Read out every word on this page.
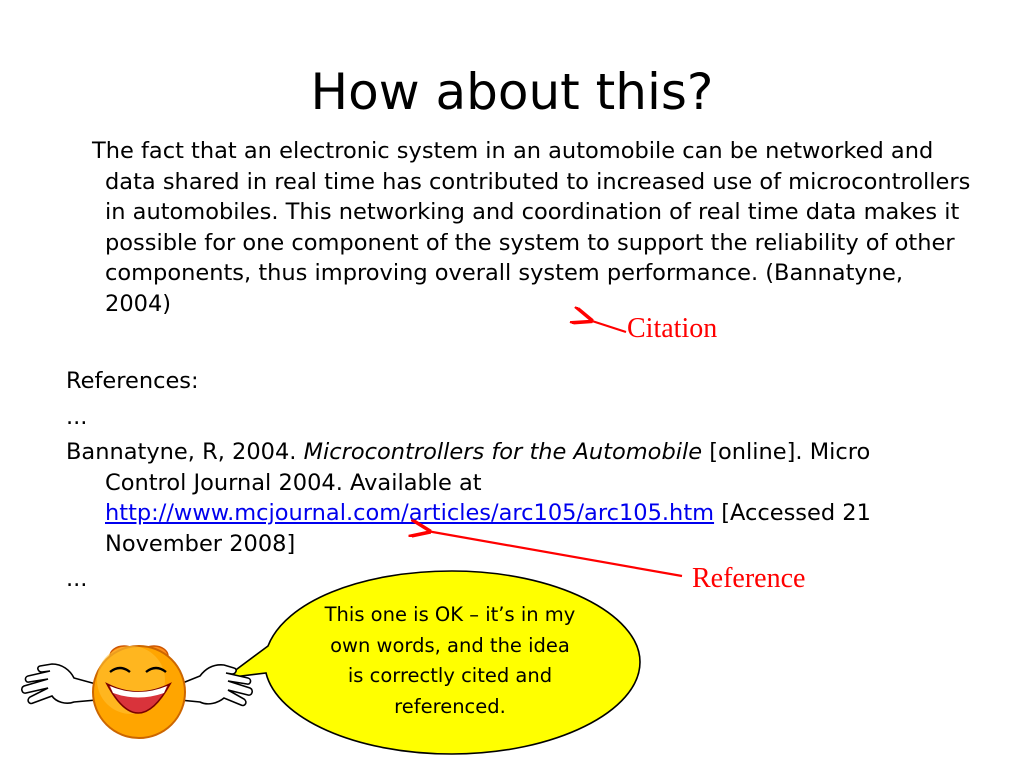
How about this?
The fact that an electronic system in an automobile can be networked and data shared in real time has contributed to increased use of microcontrollers in automobiles. This networking and coordination of real time data makes it possible for one component of the system to support the reliability of other components, thus improving overall system performance. (Bannatyne, 2004)
References:
...
Bannatyne, R, 2004. Microcontrollers for the Automobile [online]. Micro Control Journal 2004. Available at http://www.mcjournal.com/articles/arc105/arc105.htm [Accessed 21 November 2008]
...
Citation
Reference
This one is OK – it’s in my own words, and the idea is correctly cited and referenced.
